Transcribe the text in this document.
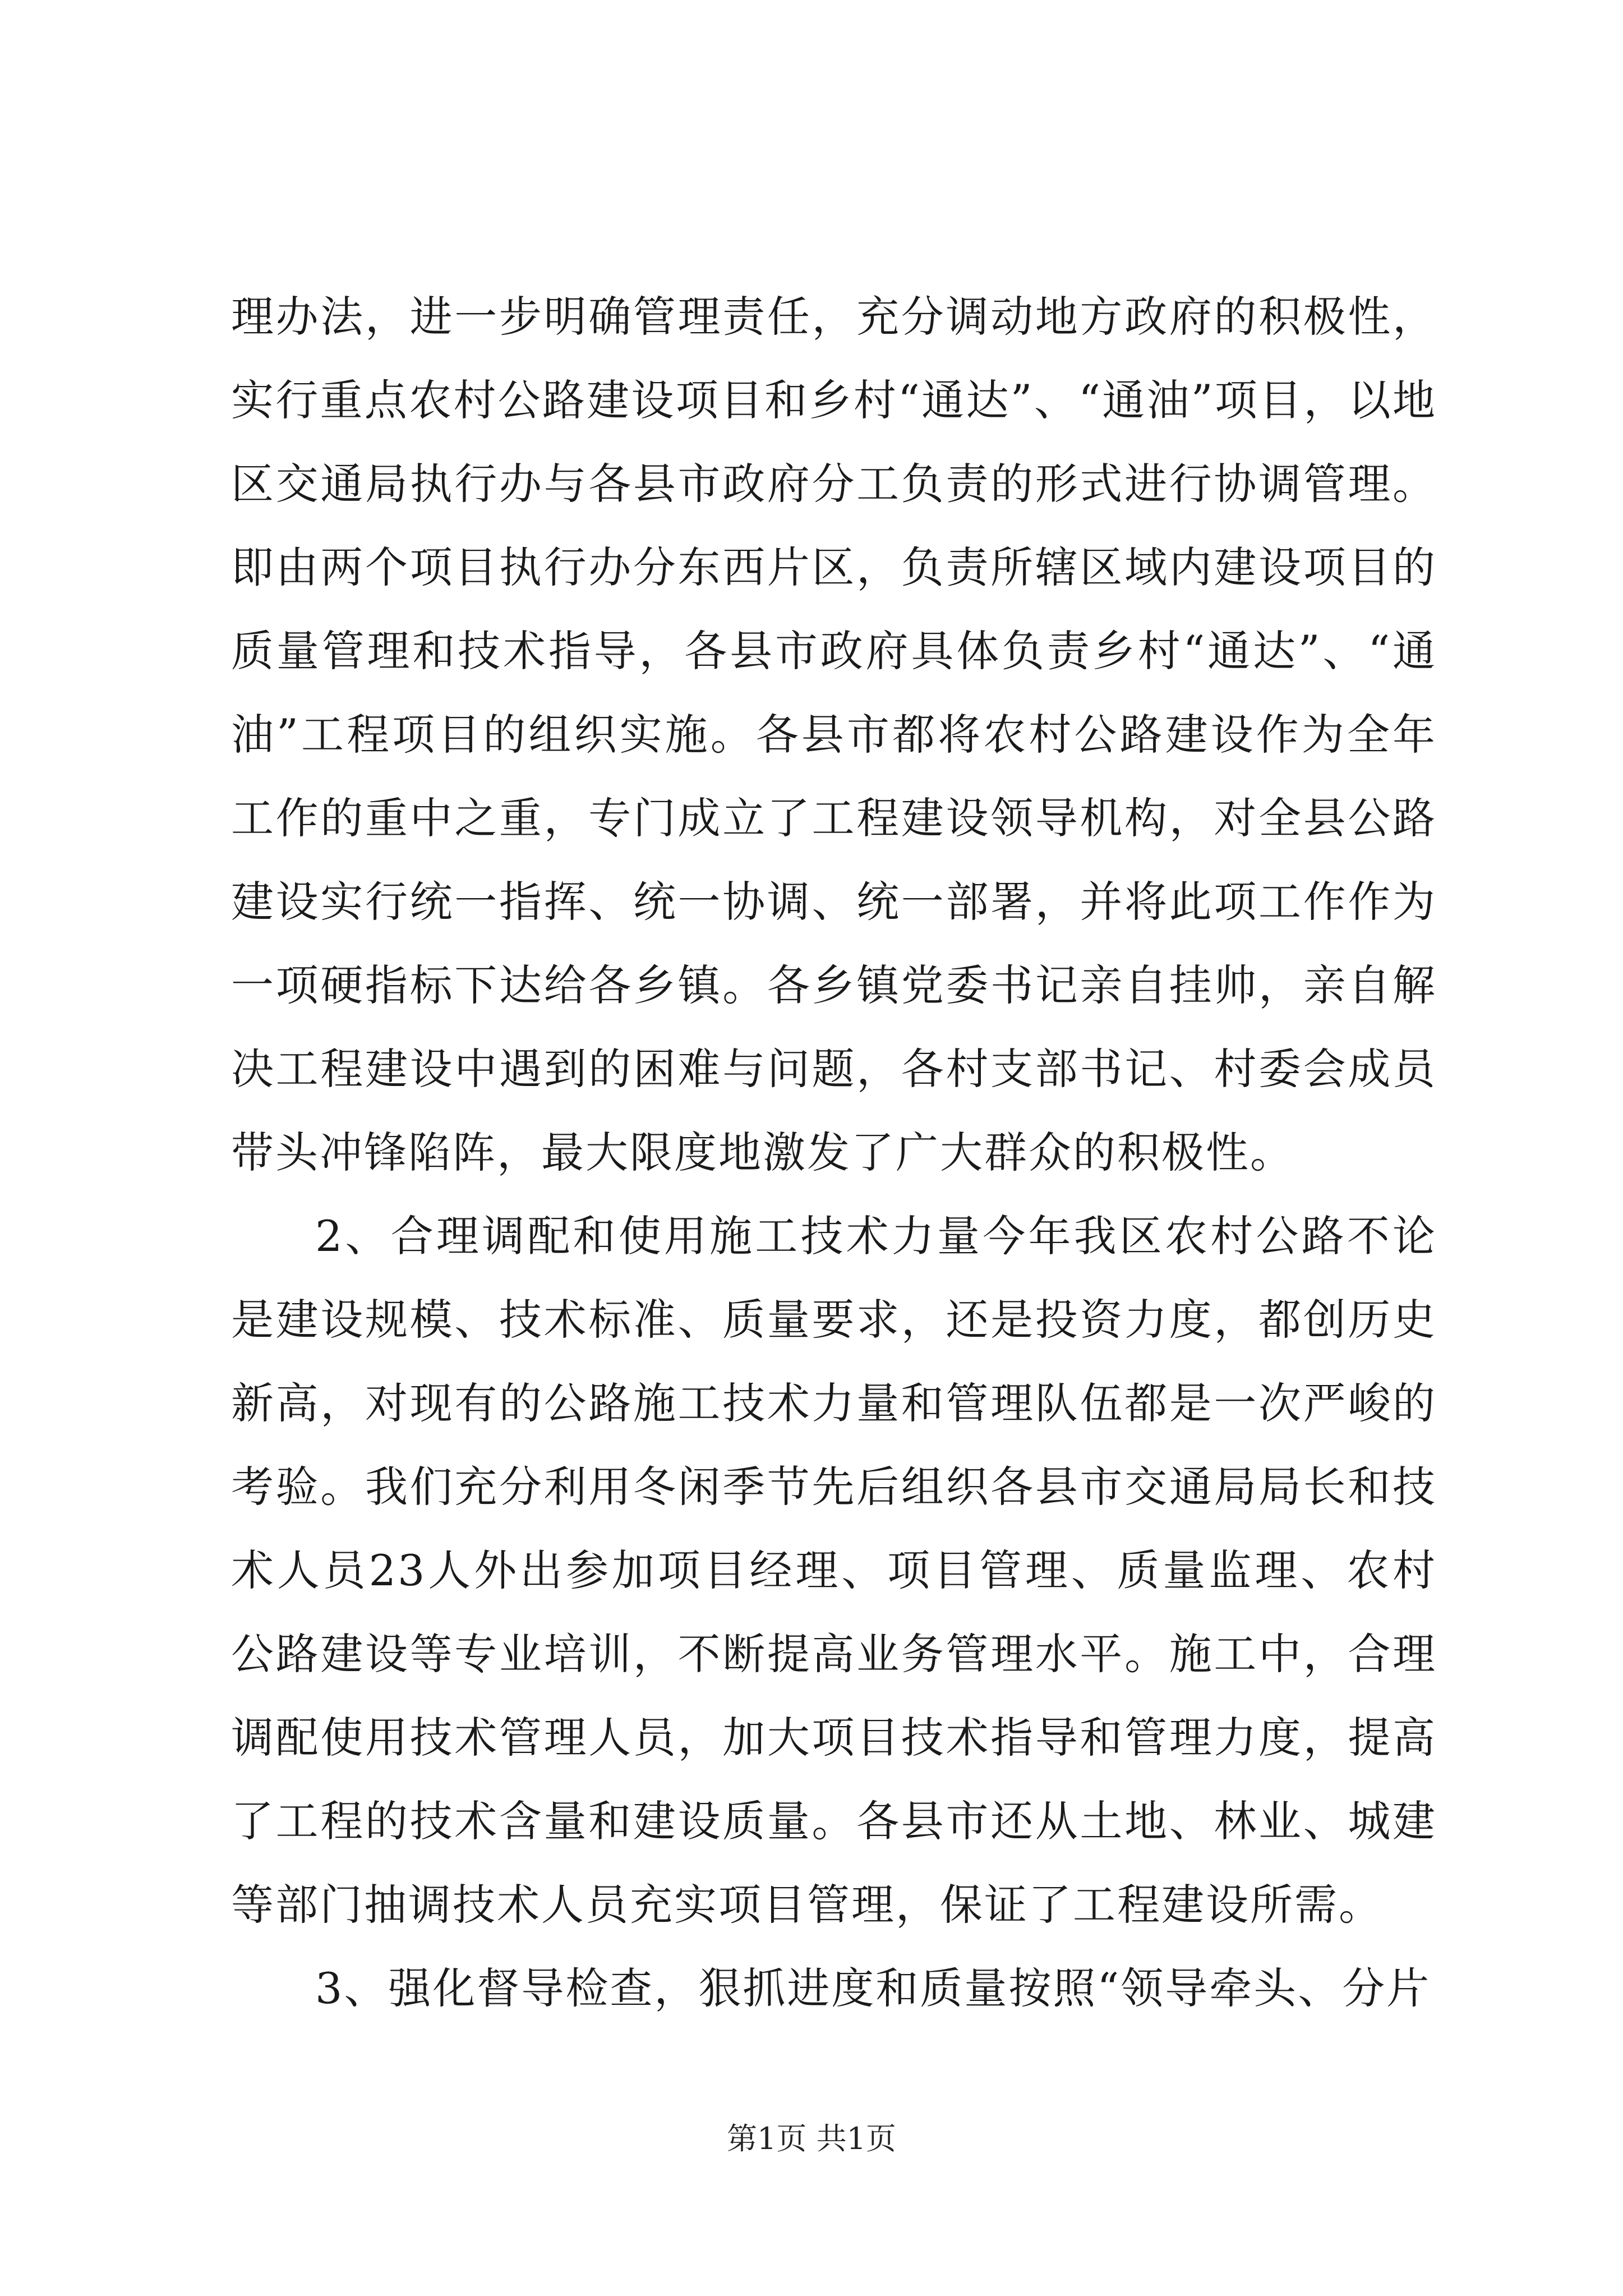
理办法，进一步明确管理责任，充分调动地方政府的积极性，实行重点农村公路建设项目和乡村“通达”、“通油”项目，以地区交通局执行办与各县市政府分工负责的形式进行协调管理。即由两个项目执行办分东西片区，负责所辖区域内建设项目的质量管理和技术指导，各县市政府具体负责乡村“通达”、“通油”工程项目的组织实施。各县市都将农村公路建设作为全年工作的重中之重，专门成立了工程建设领导机构，对全县公路建设实行统一指挥、统一协调、统一部署，并将此项工作作为一项硬指标下达给各乡镇。各乡镇党委书记亲自挂帅，亲自解决工程建设中遇到的困难与问题，各村支部书记、村委会成员带头冲锋陷阵，最大限度地激发了广大群众的积极性。

2、合理调配和使用施工技术力量今年我区农村公路不论是建设规模、技术标准、质量要求，还是投资力度，都创历史新高，对现有的公路施工技术力量和管理队伍都是一次严峻的考验。我们充分利用冬闲季节先后组织各县市交通局局长和技术人员23人外出参加项目经理、项目管理、质量监理、农村公路建设等专业培训，不断提高业务管理水平。施工中，合理调配使用技术管理人员，加大项目技术指导和管理力度，提高了工程的技术含量和建设质量。各县市还从土地、林业、城建等部门抽调技术人员充实项目管理，保证了工程建设所需。

3、强化督导检查，狠抓进度和质量按照“领导牵头、分片

第1页 共1页
